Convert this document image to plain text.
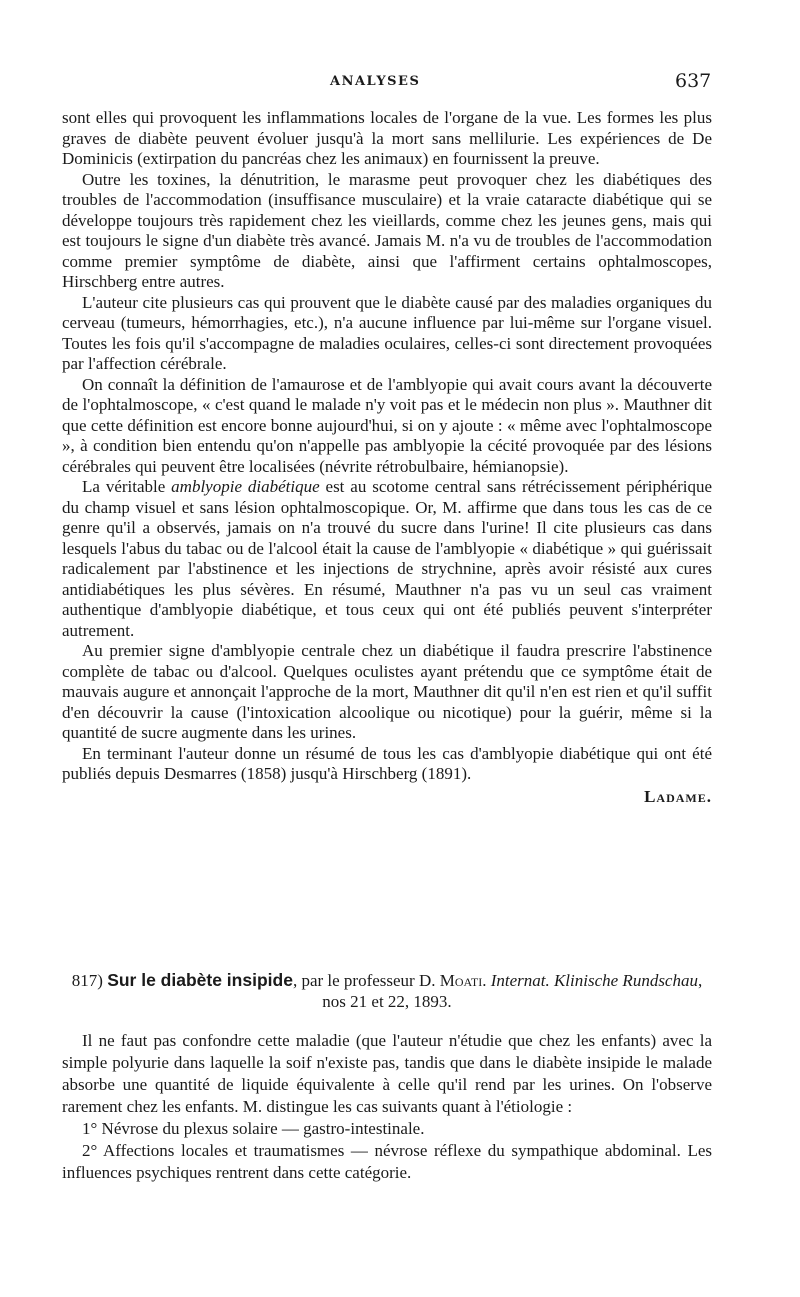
ANALYSES	637

sont elles qui provoquent les inflammations locales de l'organe de la vue. Les formes les plus graves de diabète peuvent évoluer jusqu'à la mort sans mellilurie. Les expériences de De Dominicis (extirpation du pancréas chez les animaux) en fournissent la preuve.

Outre les toxines, la dénutrition, le marasme peut provoquer chez les diabétiques des troubles de l'accommodation (insuffisance musculaire) et la vraie cataracte diabétique qui se développe toujours très rapidement chez les vieillards, comme chez les jeunes gens, mais qui est toujours le signe d'un diabète très avancé. Jamais M. n'a vu de troubles de l'accommodation comme premier symptôme de diabète, ainsi que l'affirment certains ophtalmoscopes, Hirschberg entre autres.

L'auteur cite plusieurs cas qui prouvent que le diabète causé par des maladies organiques du cerveau (tumeurs, hémorrhagies, etc.), n'a aucune influence par lui-même sur l'organe visuel. Toutes les fois qu'il s'accompagne de maladies oculaires, celles-ci sont directement provoquées par l'affection cérébrale.

On connaît la définition de l'amaurose et de l'amblyopie qui avait cours avant la découverte de l'ophtalmoscope, « c'est quand le malade n'y voit pas et le médecin non plus ». Mauthner dit que cette définition est encore bonne aujourd'hui, si on y ajoute : « même avec l'ophtalmoscope », à condition bien entendu qu'on n'appelle pas amblyopie la cécité provoquée par des lésions cérébrales qui peuvent être localisées (névrite rétrobulbaire, hémianopsie).

La véritable amblyopie diabétique est au scotome central sans rétrécissement périphérique du champ visuel et sans lésion ophtalmoscopique. Or, M. affirme que dans tous les cas de ce genre qu'il a observés, jamais on n'a trouvé du sucre dans l'urine! Il cite plusieurs cas dans lesquels l'abus du tabac ou de l'alcool était la cause de l'amblyopie « diabétique » qui guérissait radicalement par l'abstinence et les injections de strychnine, après avoir résisté aux cures antidiabétiques les plus sévères. En résumé, Mauthner n'a pas vu un seul cas vraiment authentique d'amblyopie diabétique, et tous ceux qui ont été publiés peuvent s'interpréter autrement.

Au premier signe d'amblyopie centrale chez un diabétique il faudra prescrire l'abstinence complète de tabac ou d'alcool. Quelques oculistes ayant prétendu que ce symptôme était de mauvais augure et annonçait l'approche de la mort, Mauthner dit qu'il n'en est rien et qu'il suffit d'en découvrir la cause (l'intoxication alcoolique ou nicotique) pour la guérir, même si la quantité de sucre augmente dans les urines.

En terminant l'auteur donne un résumé de tous les cas d'amblyopie diabétique qui ont été publiés depuis Desmarres (1858) jusqu'à Hirschberg (1891).

Ladame.

817) Sur le diabète insipide, par le professeur D. Moati. Internat. Klinische Rundschau, nos 21 et 22, 1893.

Il ne faut pas confondre cette maladie (que l'auteur n'étudie que chez les enfants) avec la simple polyurie dans laquelle la soif n'existe pas, tandis que dans le diabète insipide le malade absorbe une quantité de liquide équivalente à celle qu'il rend par les urines. On l'observe rarement chez les enfants. M. distingue les cas suivants quant à l'étiologie :

1° Névrose du plexus solaire — gastro-intestinale.

2° Affections locales et traumatismes — névrose réflexe du sympathique abdominal. Les influences psychiques rentrent dans cette catégorie.
